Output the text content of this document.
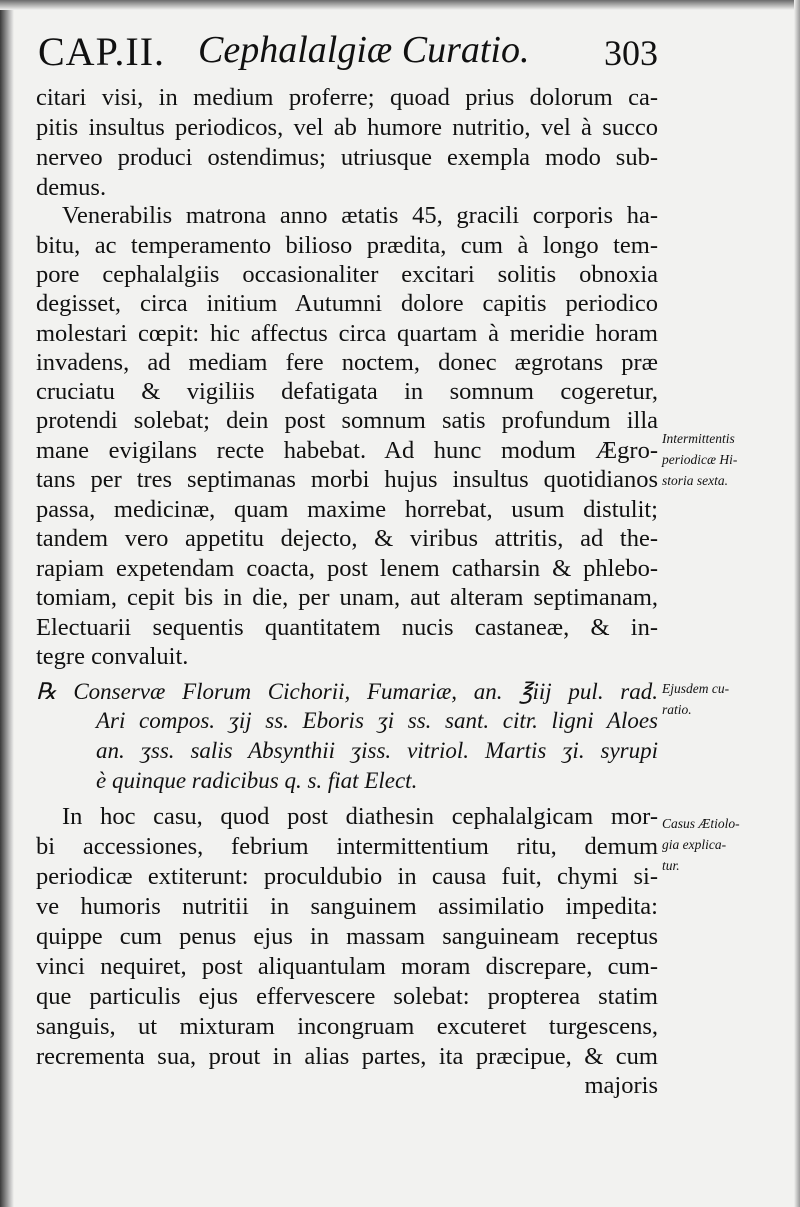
CAP.II. Cephalalgiæ Curatio. 303
citari visi, in medium proferre; quoad prius dolorum ca-
pitis insultus periodicos, vel ab humore nutritio, vel à succo
nerveo produci ostendimus; utriusque exempla modo sub-
demus.
Venerabilis matrona anno ætatis 45, gracili corporis ha-
bitu, ac temperamento bilioso prædita, cum à longo tem-
pore cephalalgiis occasionaliter excitari solitis obnoxia
degisset, circa initium Autumni dolore capitis periodico
molestari cœpit: hic affectus circa quartam à meridie horam
invadens, ad mediam fere noctem, donec ægrotans præ
cruciatu & vigiliis defatigata in somnum cogeretur,
protendi solebat; dein post somnum satis profundum illa
mane evigilans recte habebat. Ad hunc modum Ægro-
tans per tres septimanas morbi hujus insultus quotidianos
passa, medicinæ, quam maxime horrebat, usum distulit;
tandem vero appetitu dejecto, & viribus attritis, ad the-
rapiam expetendam coacta, post lenem catharsin & phlebo-
tomiam, cepit bis in die, per unam, aut alteram septimanam,
Electuarii sequentis quantitatem nucis castaneæ, & in-
tegre convaluit.
℞ Conservæ Florum Cichorii, Fumariæ, an. ℥iij pul. rad.
Ari compos. ʒij ss. Eboris ʒi ss. sant. citr. ligni Aloes
an. ʒss. salis Absynthii ʒiss. vitriol. Martis ʒi. syrupi
è quinque radicibus q. s. fiat Elect.
In hoc casu, quod post diathesin cephalalgicam mor-
bi accessiones, febrium intermittentium ritu, demum
periodicæ extiterunt: proculdubio in causa fuit, chymi si-
ve humoris nutritii in sanguinem assimilatio impedita:
quippe cum penus ejus in massam sanguineam receptus
vinci nequiret, post aliquantulam moram discrepare, cum-
que particulis ejus effervescere solebat: propterea statim
sanguis, ut mixturam incongruam excuteret turgescens,
recrementa sua, prout in alias partes, ita præcipue, & cum
majoris
Intermittentis
periodicæ Hi-
storia sexta.
Ejusdem cu-
ratio.
Casus Ætiolo-
gia explica-
tur.
